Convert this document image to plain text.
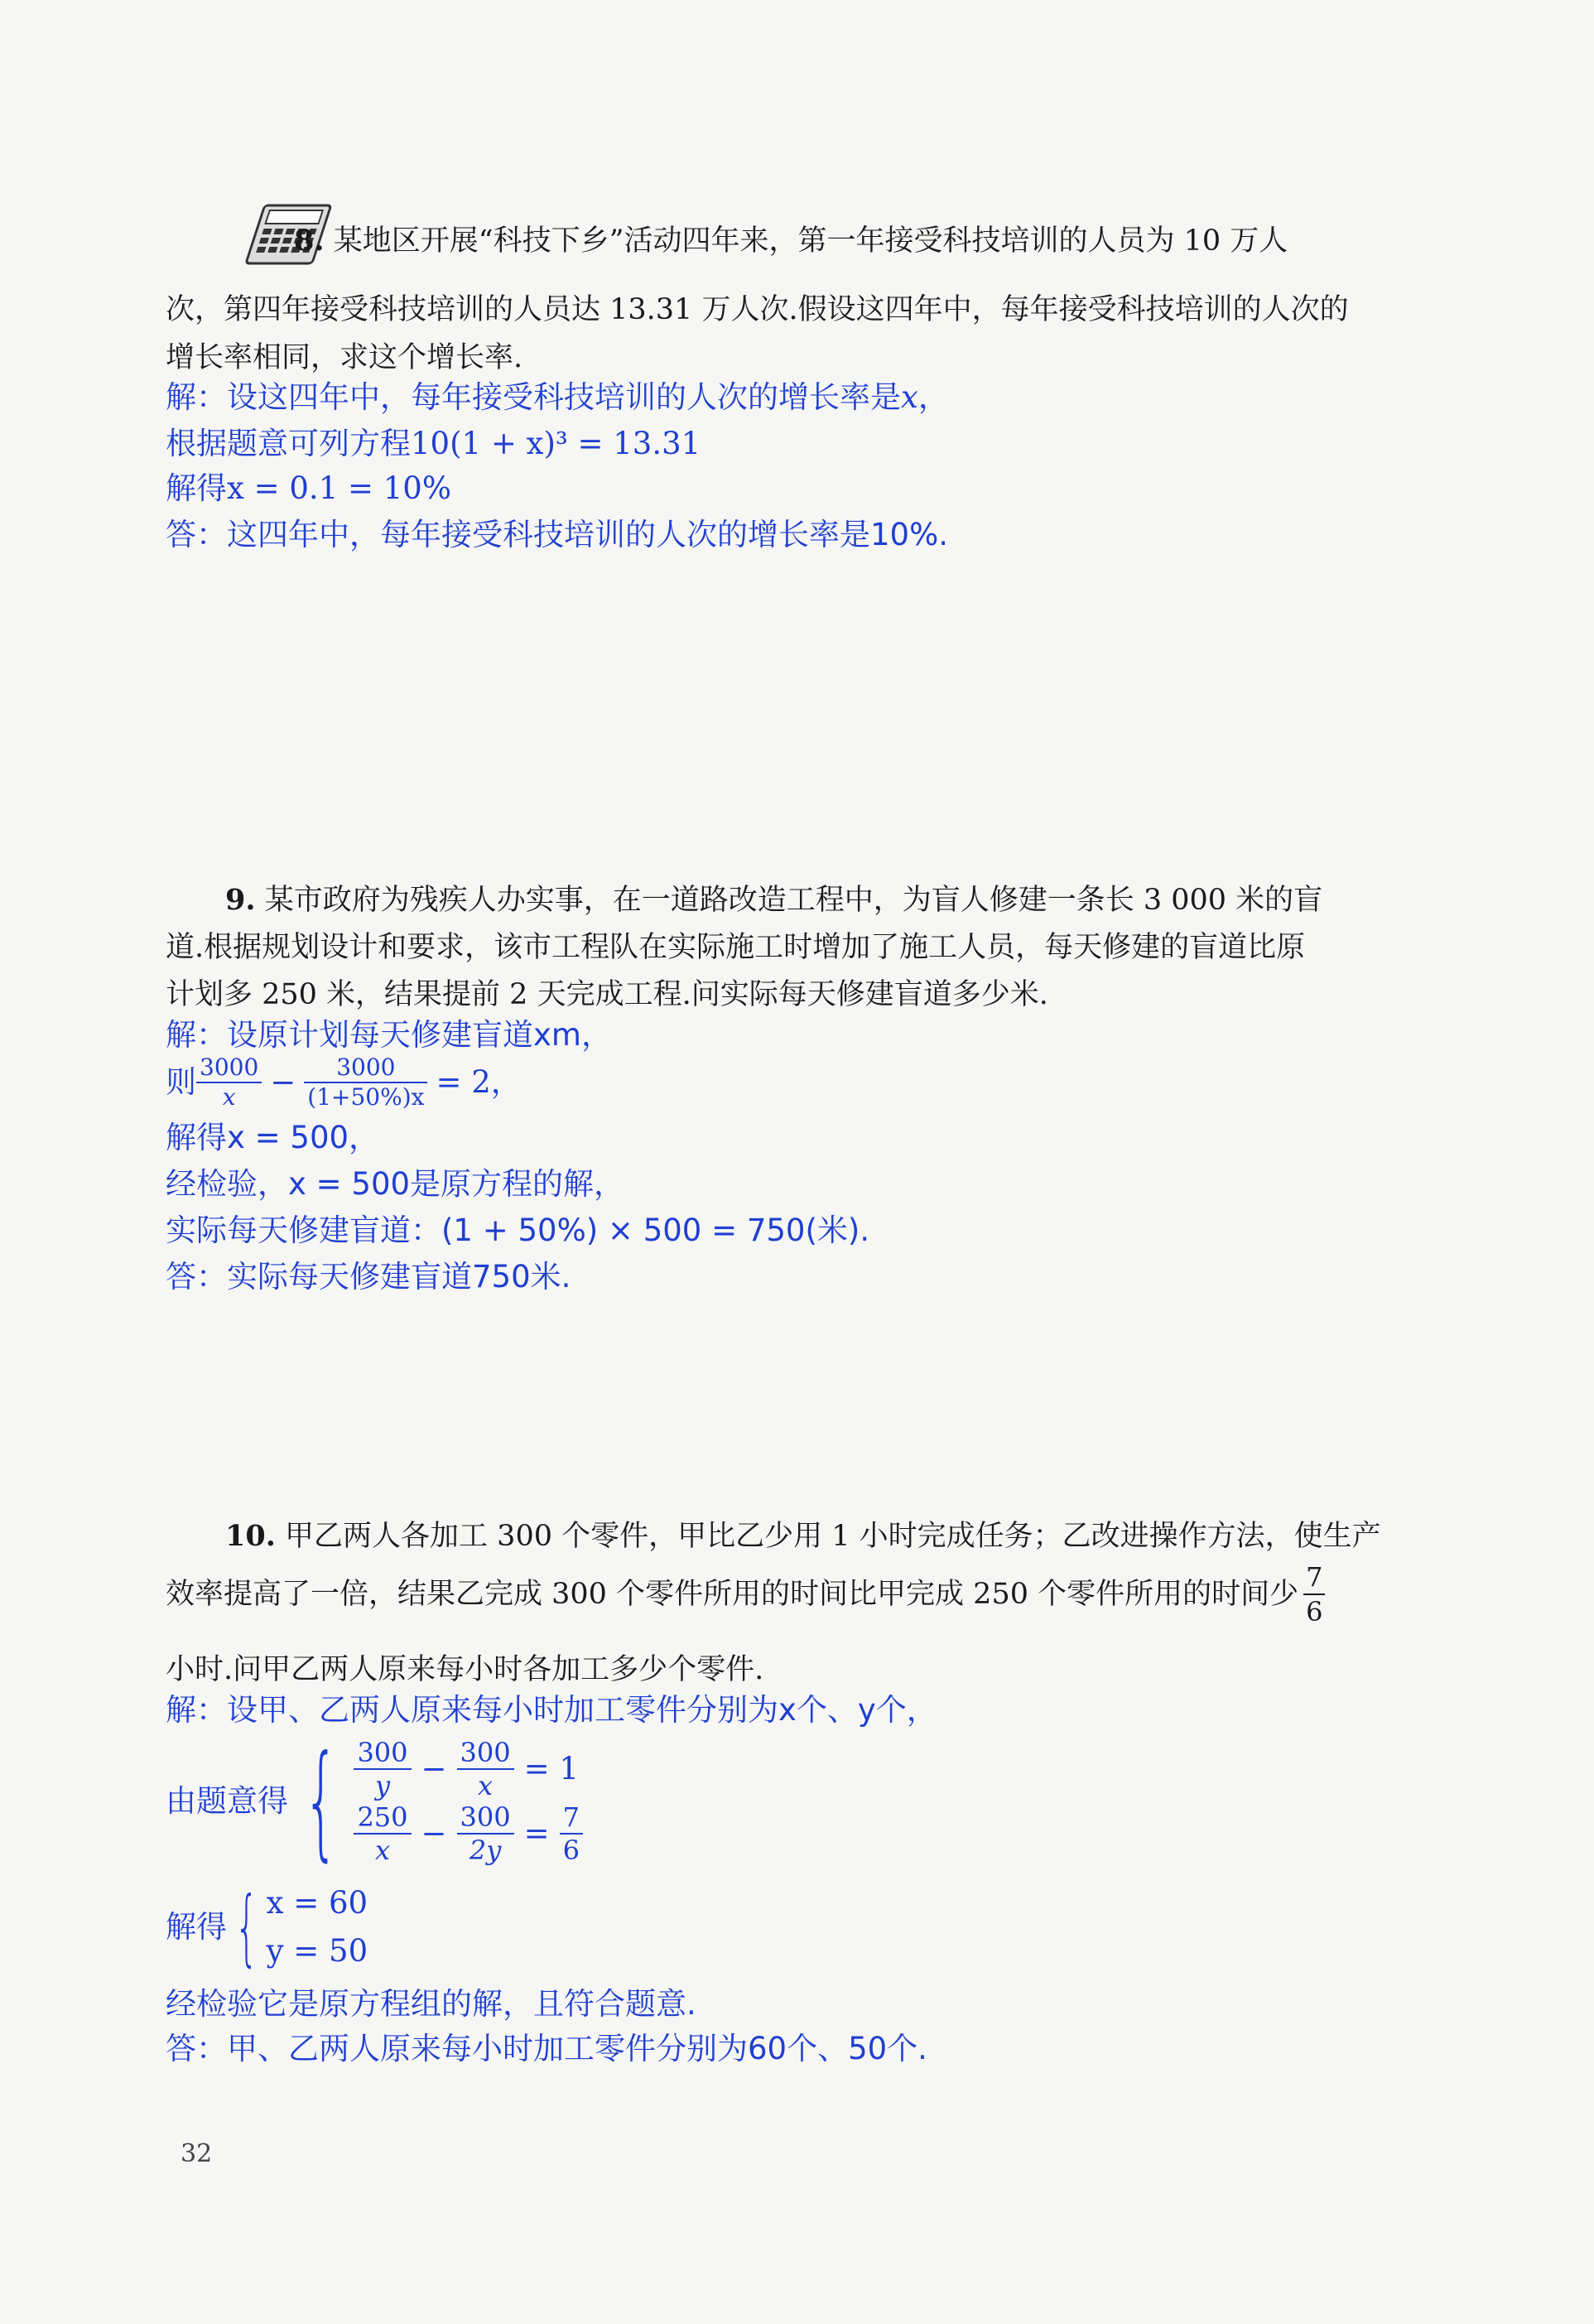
8. 某地区开展“科技下乡”活动四年来，第一年接受科技培训的人员为 10 万人
次，第四年接受科技培训的人员达 13.31 万人次.假设这四年中，每年接受科技培训的人次的
增长率相同，求这个增长率.
解：设这四年中，每年接受科技培训的人次的增长率是x，
根据题意可列方程10(1 + x)³ = 13.31
解得x = 0.1 = 10%
答：这四年中，每年接受科技培训的人次的增长率是10%.
9. 某市政府为残疾人办实事，在一道路改造工程中，为盲人修建一条长 3 000 米的盲
道.根据规划设计和要求，该市工程队在实际施工时增加了施工人员，每天修建的盲道比原
计划多 250 米，结果提前 2 天完成工程.问实际每天修建盲道多少米.
解：设原计划每天修建盲道xm，
则 $\frac{3000}{x} - \frac{3000}{(1+50\%)x} = 2$，
解得x = 500，
经检验，x = 500是原方程的解，
实际每天修建盲道：(1 + 50%) × 500 = 750(米).
答：实际每天修建盲道750米.
10. 甲乙两人各加工 300 个零件，甲比乙少用 1 小时完成任务；乙改进操作方法，使生产
效率提高了一倍，结果乙完成 300 个零件所用的时间比甲完成 250 个零件所用的时间少 $\frac{7}{6}$
小时.问甲乙两人原来每小时各加工多少个零件.
解：设甲、乙两人原来每小时加工零件分别为x个、y个，
由题意得 { $\frac{300}{y} - \frac{300}{x} = 1$
$\frac{250}{x} - \frac{300}{2y} = \frac{7}{6}$
解得 { x = 60
y = 50
经检验它是原方程组的解，且符合题意.
答：甲、乙两人原来每小时加工零件分别为60个、50个.
32
